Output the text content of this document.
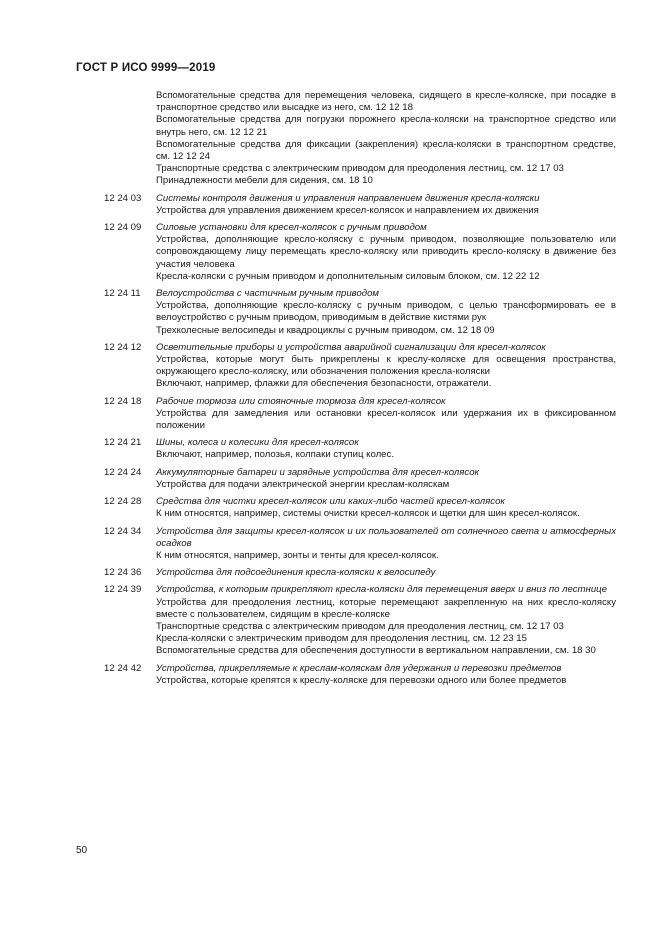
ГОСТ Р ИСО 9999—2019

Вспомогательные средства для перемещения человека, сидящего в кресле-коляске, при посадке в транспортное средство или высадке из него, см. 12 12 18

Вспомогательные средства для погрузки порожнего кресла-коляски на транспортное средство или внутрь него, см. 12 12 21

Вспомогательные средства для фиксации (закрепления) кресла-коляски в транспортном средстве, см. 12 12 24

Транспортные средства с электрическим приводом для преодоления лестниц, см. 12 17 03

Принадлежности мебели для сидения, см. 18 10

12 24 03	Системы контроля движения и управления направлением движения кресла-коляски

Устройства для управления движением кресел-колясок и направлением их движения

12 24 09	Силовые установки для кресел-колясок с ручным приводом

Устройства, дополняющие кресло-коляску с ручным приводом, позволяющие пользователю или сопровождающему лицу перемещать кресло-коляску или приводить кресло-коляску в движение без участия человека

Кресла-коляски с ручным приводом и дополнительным силовым блоком, см. 12 22 12

12 24 11	Велоустройства с частичным ручным приводом

Устройства, дополняющие кресло-коляску с ручным приводом, с целью трансформировать ее в велоустройство с ручным приводом, приводимым в действие кистями рук

Трехколесные велосипеды и квадроциклы с ручным приводом, см. 12 18 09

12 24 12	Осветительные приборы и устройства аварийной сигнализации для кресел-колясок

Устройства, которые могут быть прикреплены к креслу-коляске для освещения пространства, окружающего кресло-коляску, или обозначения положения кресла-коляски

Включают, например, флажки для обеспечения безопасности, отражатели.

12 24 18	Рабочие тормоза или стояночные тормоза для кресел-колясок

Устройства для замедления или остановки кресел-колясок или удержания их в фиксированном положении

12 24 21	Шины, колеса и колесики для кресел-колясок

Включают, например, полозья, колпаки ступиц колес.

12 24 24	Аккумуляторные батареи и зарядные устройства для кресел-колясок

Устройства для подачи электрической энергии креслам-коляскам

12 24 28	Средства для чистки кресел-колясок или каких-либо частей кресел-колясок

К ним относятся, например, системы очистки кресел-колясок и щетки для шин кресел-колясок.

12 24 34	Устройства для защиты кресел-колясок и их пользователей от солнечного света и атмосферных осадков

К ним относятся, например, зонты и тенты для кресел-колясок.

12 24 36	Устройства для подсоединения кресла-коляски к велосипеду

12 24 39	Устройства, к которым прикрепляют кресла-коляски для перемещения вверх и вниз по лестнице

Устройства для преодоления лестниц, которые перемещают закрепленную на них кресло-коляску вместе с пользователем, сидящим в кресле-коляске

Транспортные средства с электрическим приводом для преодоления лестниц, см. 12 17 03

Кресла-коляски с электрическим приводом для преодоления лестниц, см. 12 23 15

Вспомогательные средства для обеспечения доступности в вертикальном направлении, см. 18 30

12 24 42	Устройства, прикрепляемые к креслам-коляскам для удержания и перевозки предметов

Устройства, которые крепятся к креслу-коляске для перевозки одного или более предметов

50
